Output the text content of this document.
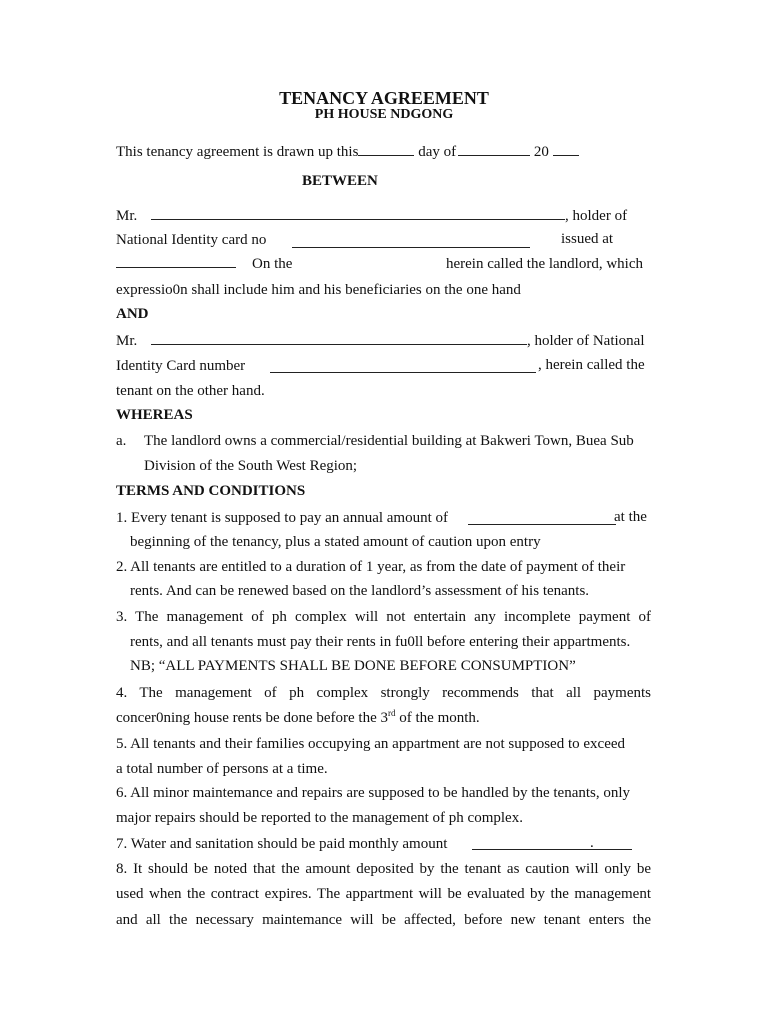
TENANCY AGREEMENT
PH HOUSE NDGONG
This tenancy agreement is drawn up this	day of	20
BETWEEN
Mr.	, holder of
National Identity card no	issued at
On the	herein called the landlord, which
expressio0n shall include him and his beneficiaries on the one hand
AND
Mr.	, holder of National
Identity Card number	, herein called the
tenant on the other hand.
WHEREAS
a. The landlord owns a commercial/residential building at Bakweri Town, Buea Sub
Division of the South West Region;
TERMS AND CONDITIONS
1. Every tenant is supposed to pay an annual amount of	at the
beginning of the tenancy, plus a stated amount of caution upon entry
2. All tenants are entitled to a duration of 1 year, as from the date of payment of their
rents. And can be renewed based on the landlord’s assessment of his tenants.
3. The management of ph complex will not entertain any incomplete payment of
rents, and all tenants must pay their rents in fu0ll before entering their appartments.
NB; “ALL PAYMENTS SHALL BE DONE BEFORE CONSUMPTION”
4. The management of ph complex strongly recommends that all payments
concer0ning house rents be done before the 3rd of the month.
5. All tenants and their families occupying an appartment are not supposed to exceed
a total number of persons at a time.
6. All minor maintemance and repairs are supposed to be handled by the tenants, only
major repairs should be reported to the management of ph complex.
7. Water and sanitation should be paid monthly amount	.
8. It should be noted that the amount deposited by the tenant as caution will only be
used when the contract expires. The appartment will be evaluated by the management
and all the necessary maintemance will be affected, before new tenant enters the
